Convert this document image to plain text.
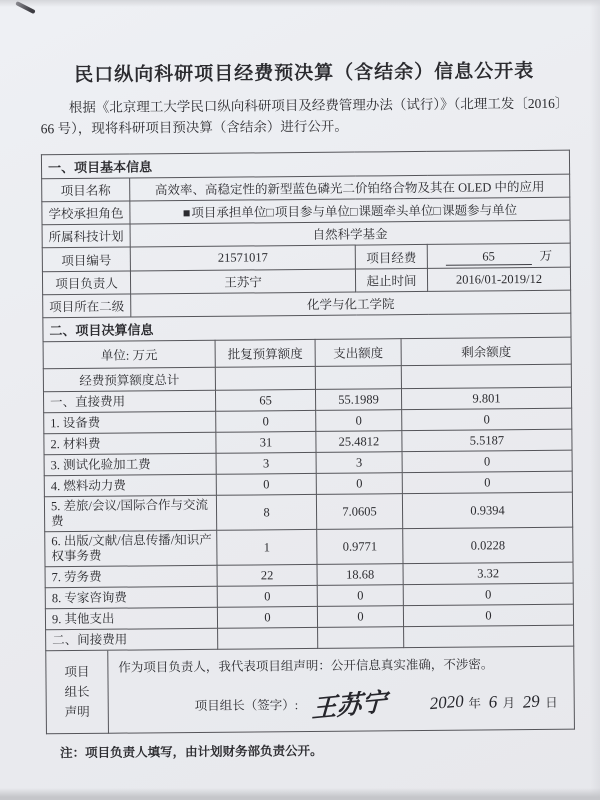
民口纵向科研项目经费预决算（含结余）信息公开表

根据《北京理工大学民口纵向科研项目及经费管理办法（试行）》（北理工发〔2016〕66 号），现将科研项目预决算（含结余）进行公开。

一、项目基本信息			
项目名称	高效率、高稳定性的新型蓝色磷光二价铂络合物及其在 OLED 中的应用		
学校承担角色	■项目承担单位□项目参与单位□课题牵头单位□课题参与单位		
所属科技计划	自然科学基金		
项目编号	21571017	项目经费	65 万
项目负责人	王苏宁	起止时间	2016/01-2019/12
项目所在二级	化学与化工学院		
二、项目决算信息			
单位: 万元	批复预算额度	支出额度	剩余额度
经费预算额度总计			
一、直接费用	65	55.1989	9.801
1. 设备费	0	0	0
2. 材料费	31	25.4812	5.5187
3. 测试化验加工费	3	3	0
4. 燃料动力费	0	0	0
5. 差旅/会议/国际合作与交流费	8	7.0605	0.9394
6. 出版/文献/信息传播/知识产权事务费	1	0.9771	0.0228
7. 劳务费	22	18.68	3.32
8. 专家咨询费	0	0	0
9. 其他支出	0	0	0
二、间接费用			
项目
组长
声明

作为项目负责人，我代表项目组声明：公开信息真实准确，不涉密。
项目组长（签字）: 王苏宁 2020 年 6 月 29 日

注：项目负责人填写，由计划财务部负责公开。
